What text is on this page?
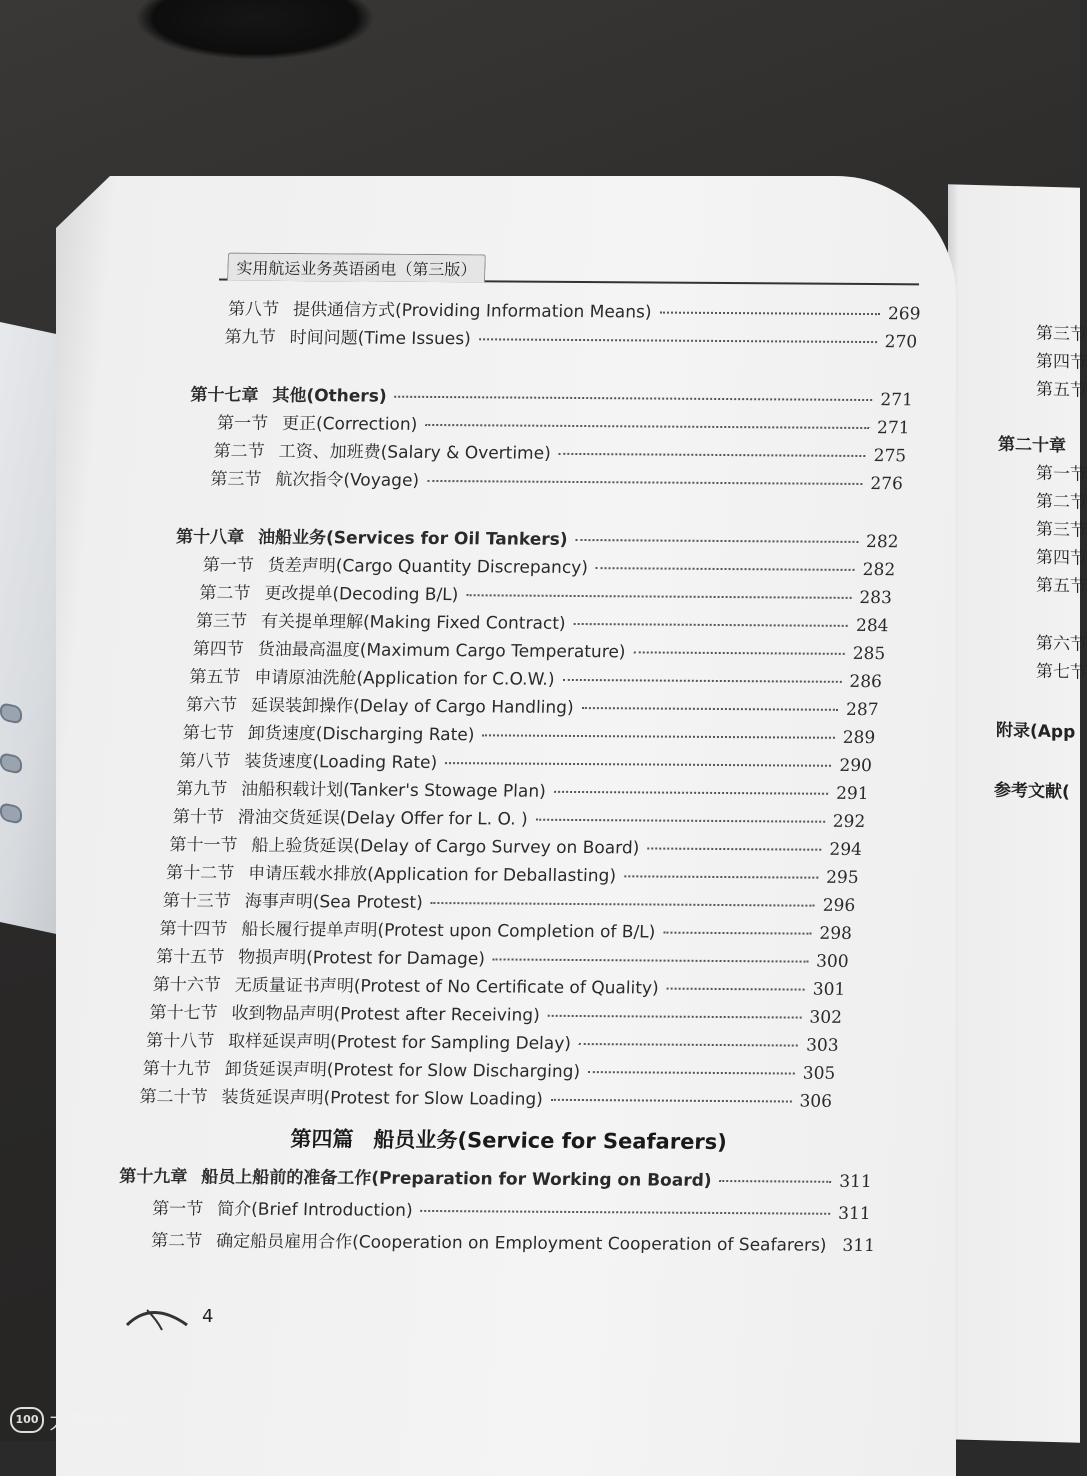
第三节
第四节
第五节
第二十章
第一节
第二节
第三节
第四节
第五节
第六节
第七节
附录(App
参考文献(
实用航运业务英语函电（第三版）
第八节 提供通信方式(Providing Information Means)	269
第九节 时间问题(Time Issues)	270
第十七章 其他(Others)	271
第一节 更正(Correction)	271
第二节 工资、加班费(Salary & Overtime)	275
第三节 航次指令(Voyage)	276
第十八章 油船业务(Services for Oil Tankers)	282
第一节 货差声明(Cargo Quantity Discrepancy)	282
第二节 更改提单(Decoding B/L)	283
第三节 有关提单理解(Making Fixed Contract)	284
第四节 货油最高温度(Maximum Cargo Temperature)	285
第五节 申请原油洗舱(Application for C.O.W.)	286
第六节 延误装卸操作(Delay of Cargo Handling)	287
第七节 卸货速度(Discharging Rate)	289
第八节 装货速度(Loading Rate)	290
第九节 油船积载计划(Tanker's Stowage Plan)	291
第十节 滑油交货延误(Delay Offer for L. O. )	292
第十一节 船上验货延误(Delay of Cargo Survey on Board)	294
第十二节 申请压载水排放(Application for Deballasting)	295
第十三节 海事声明(Sea Protest)	296
第十四节 船长履行提单声明(Protest upon Completion of B/L)	298
第十五节 物损声明(Protest for Damage)	300
第十六节 无质量证书声明(Protest of No Certificate of Quality)	301
第十七节 收到物品声明(Protest after Receiving)	302
第十八节 取样延误声明(Protest for Sampling Delay)	303
第十九节 卸货延误声明(Protest for Slow Discharging)	305
第二十节 装货延误声明(Protest for Slow Loading)	306
第四篇 船员业务(Service for Seafarers)
第十九章 船员上船前的准备工作(Preparation for Working on Board)	311
第一节 简介(Brief Introduction)	311
第二节 确定船员雇用合作(Cooperation on Employment Cooperation of Seafarers) 311
4
100 大数跨境
